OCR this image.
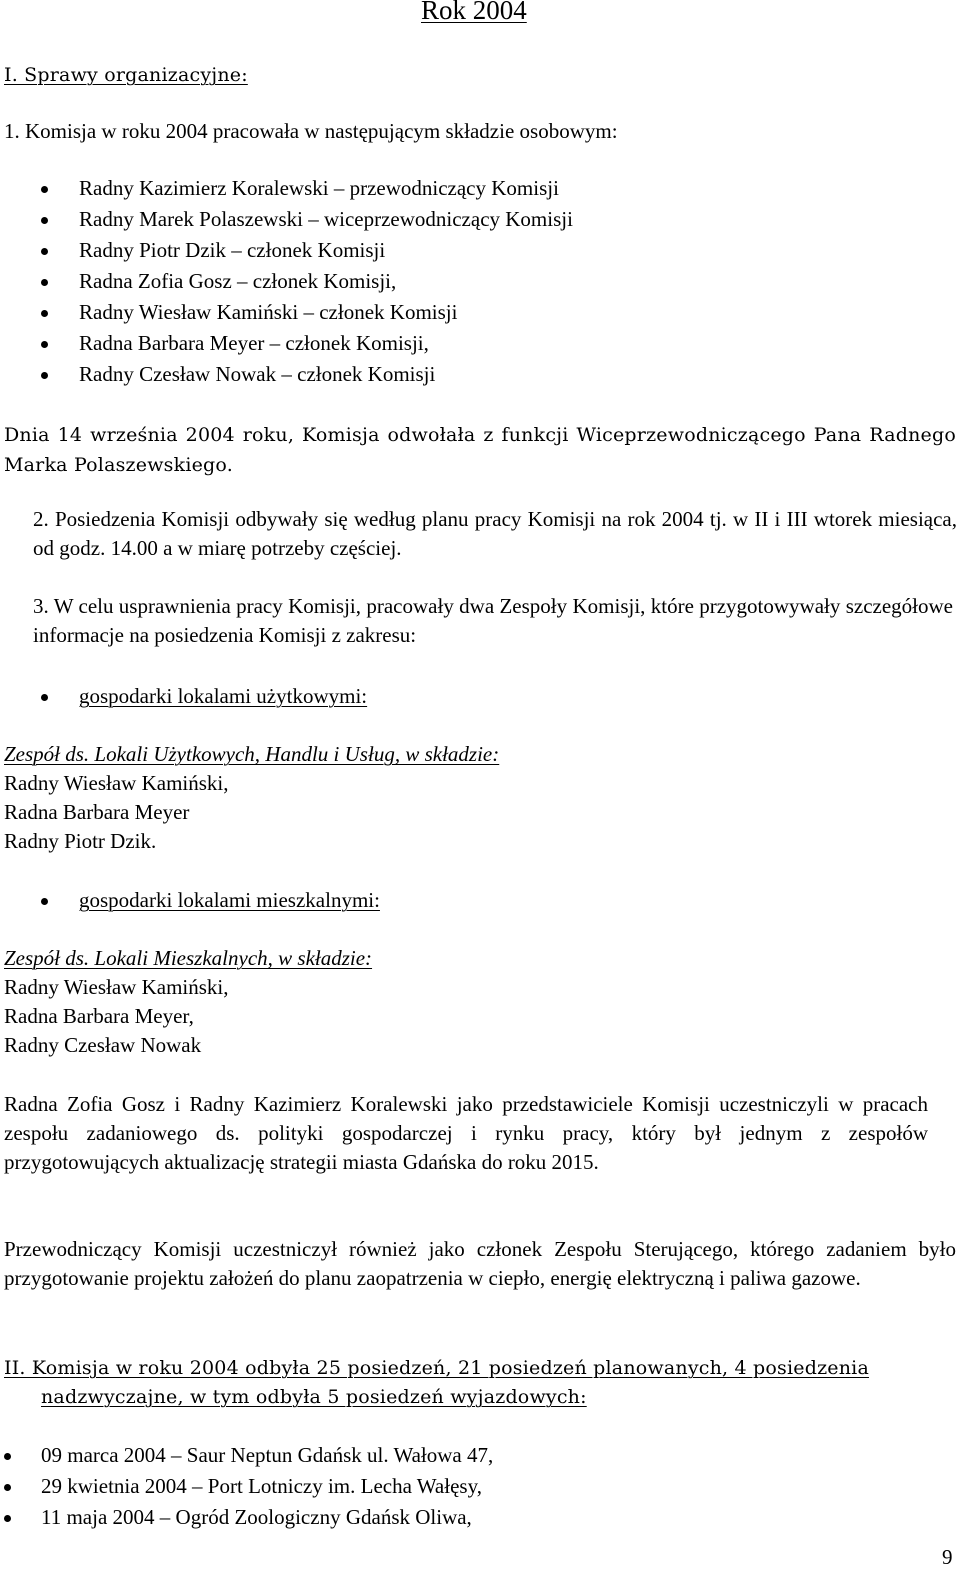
Rok 2004
I. Sprawy organizacyjne:
1. Komisja w roku 2004 pracowała w następującym składzie osobowym:
Radny Kazimierz Koralewski – przewodniczący Komisji
Radny Marek Polaszewski – wiceprzewodniczący Komisji
Radny Piotr Dzik – członek Komisji
Radna Zofia Gosz – członek Komisji,
Radny Wiesław Kamiński – członek Komisji
Radna Barbara Meyer – członek Komisji,
Radny Czesław Nowak – członek Komisji
Dnia 14 września 2004 roku, Komisja odwołała z funkcji Wiceprzewodniczącego Pana Radnego Marka Polaszewskiego.
2. Posiedzenia Komisji odbywały się według planu pracy Komisji na rok 2004 tj. w II i III wtorek miesiąca, od godz. 14.00 a w miarę potrzeby częściej.
3. W celu usprawnienia pracy Komisji, pracowały dwa Zespoły Komisji, które przygotowywały szczegółowe informacje na posiedzenia Komisji z zakresu:
gospodarki lokalami użytkowymi:
Zespół ds. Lokali Użytkowych, Handlu i Usług, w składzie:
Radny Wiesław Kamiński,
Radna Barbara Meyer
Radny Piotr Dzik.
gospodarki lokalami mieszkalnymi:
Zespół ds. Lokali Mieszkalnych, w składzie:
Radny Wiesław Kamiński,
Radna Barbara Meyer,
Radny Czesław Nowak
Radna Zofia Gosz i Radny Kazimierz Koralewski jako przedstawiciele Komisji uczestniczyli w pracach zespołu zadaniowego ds. polityki gospodarczej i rynku pracy, który był jednym z zespołów przygotowujących aktualizację strategii miasta Gdańska do roku 2015.
Przewodniczący Komisji uczestniczył również jako członek Zespołu Sterującego, którego zadaniem było przygotowanie projektu założeń do planu zaopatrzenia w ciepło, energię elektryczną i paliwa gazowe.
II. Komisja w roku 2004 odbyła 25 posiedzeń, 21 posiedzeń planowanych, 4 posiedzenia
nadzwyczajne, w tym odbyła 5 posiedzeń wyjazdowych:
09 marca 2004 – Saur Neptun Gdańsk ul. Wałowa 47,
29 kwietnia 2004 – Port Lotniczy im. Lecha Wałęsy,
11 maja 2004 – Ogród Zoologiczny Gdańsk Oliwa,
9
